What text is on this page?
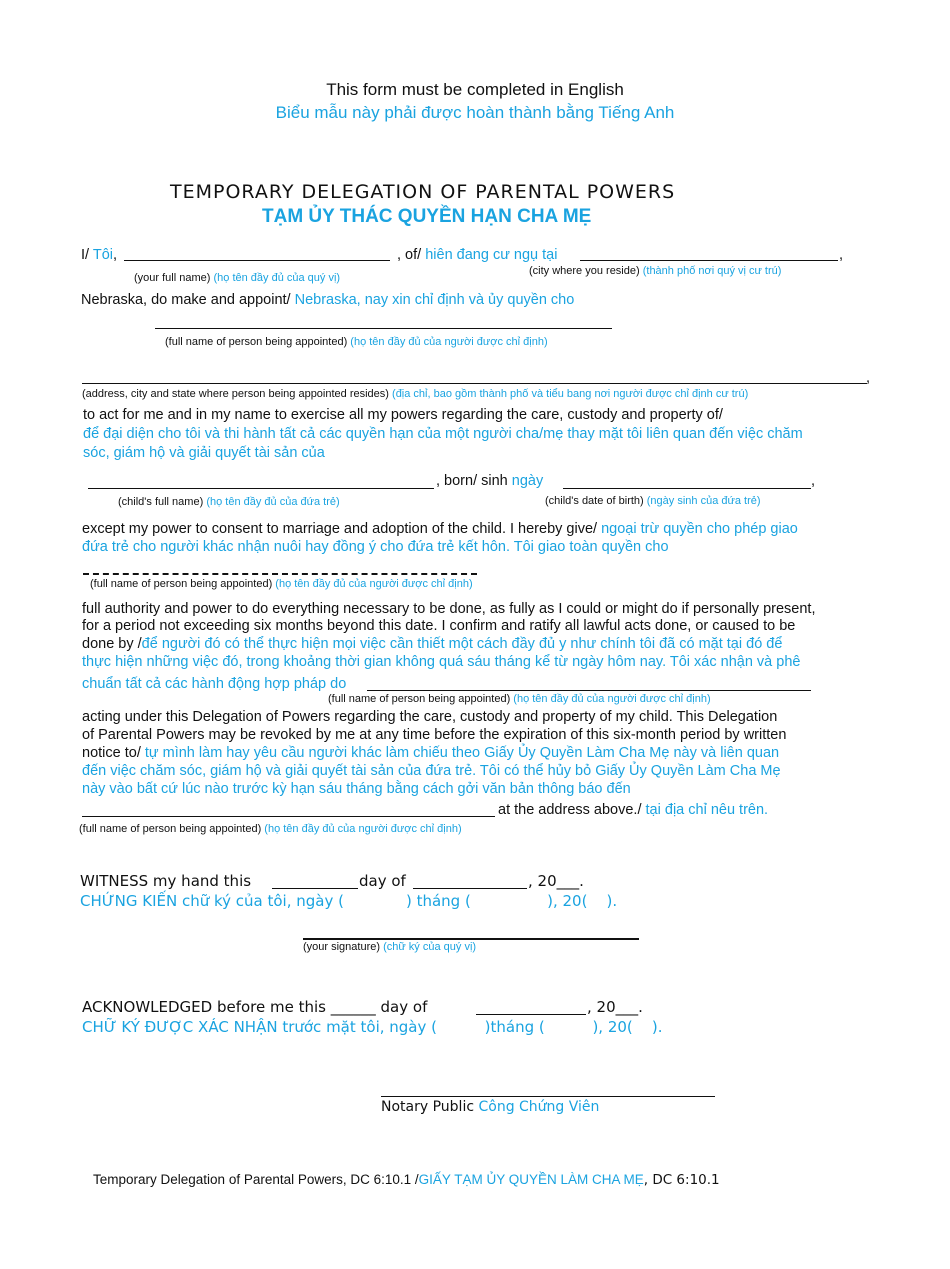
This form must be completed in English
Biểu mẫu này phải được hoàn thành bằng Tiếng Anh
TEMPORARY DELEGATION OF PARENTAL POWERS
TẠM ỦY THÁC QUYỀN HẠN CHA MẸ
I/ Tôi,	, of/ hiên đang cư ngụ tại	,
(your full name) (họ tên đầy đủ của quý vị)
(city where you reside) (thành phố nơi quý vị cư trú)
Nebraska, do make and appoint/ Nebraska, nay xin chỉ định và ủy quyền cho
(full name of person being appointed) (họ tên đầy đủ của người được chỉ định)
,
(address, city and state where person being appointed resides) (địa chỉ, bao gồm thành phố và tiểu bang nơi người được chỉ định cư trú)
to act for me and in my name to exercise all my powers regarding the care, custody and property of/
để đại diện cho tôi và thi hành tất cả các quyền hạn của một người cha/mẹ thay mặt tôi liên quan đến việc chăm
sóc, giám hộ và giải quyết tài sản của
, born/ sinh ngày	,
(child's full name) (họ tên đầy đủ của đứa trẻ)	(child's date of birth) (ngày sinh của đứa trẻ)
except my power to consent to marriage and adoption of the child. I hereby give/ ngoại trừ quyền cho phép giao
đứa trẻ cho người khác nhận nuôi hay đồng ý cho đứa trẻ kết hôn. Tôi giao toàn quyền cho
(full name of person being appointed) (họ tên đầy đủ của người được chỉ định)
full authority and power to do everything necessary to be done, as fully as I could or might do if personally present,
for a period not exceeding six months beyond this date. I confirm and ratify all lawful acts done, or caused to be
done by /để người đó có thể thực hiện mọi việc cần thiết một cách đầy đủ y như chính tôi đã có mặt tại đó để
thực hiện những việc đó, trong khoảng thời gian không quá sáu tháng kể từ ngày hôm nay. Tôi xác nhận và phê
chuẩn tất cả các hành động hợp pháp do
(full name of person being appointed) (họ tên đầy đủ của người được chỉ định)
acting under this Delegation of Powers regarding the care, custody and property of my child. This Delegation
of Parental Powers may be revoked by me at any time before the expiration of this six-month period by written
notice to/ tự mình làm hay yêu cầu người khác làm chiếu theo Giấy Ủy Quyền Làm Cha Mẹ này và liên quan
đến việc chăm sóc, giám hộ và giải quyết tài sản của đứa trẻ. Tôi có thể hủy bỏ Giấy Ủy Quyền Làm Cha Mẹ
này vào bất cứ lúc nào trước kỳ hạn sáu tháng bằng cách gởi văn bản thông báo đến
at the address above./ tại địa chỉ nêu trên.
(full name of person being appointed) (họ tên đầy đủ của người được chỉ định)
WITNESS my hand this	day of	, 20___.
CHỨNG KIẾN chữ ký của tôi, ngày (             ) tháng (                ), 20(    ).
(your signature) (chữ ký của quý vị)
ACKNOWLEDGED before me this ______ day of	, 20___.
CHỮ KÝ ĐƯỢC XÁC NHẬN trước mặt tôi, ngày (          )tháng (          ), 20(    ).
Notary Public Công Chứng Viên
Temporary Delegation of Parental Powers, DC 6:10.1 /GIẤY TẠM ỦY QUYỀN LÀM CHA MẸ, DC 6:10.1
